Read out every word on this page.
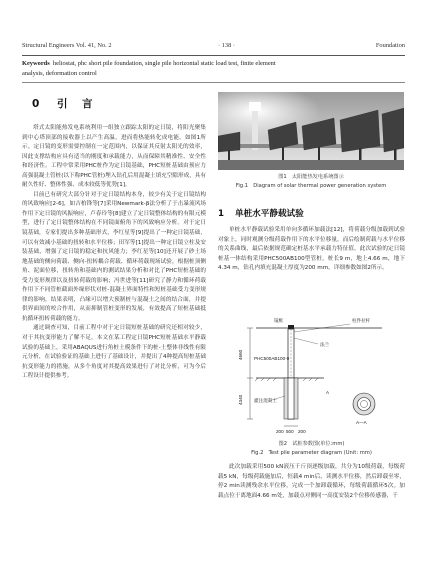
Structural Engineers Vol. 41, No. 2	· 138 ·	Foundation
Keywords heliostat, phc short pile foundation, single pile horizontal static load test, finite element
analysis, deformation control
0 引　言

塔式太阳能热发电系统利用一组独立跟踪太阳的定日镜，将阳光聚集到中心塔顶部的接收器上以产生高温，进而将热能转化成电能，如图1所示。定日镜的变形需要控制在一定范围内，以保证其反射太阳光的效率，因此支撑结构应具有适当的刚度和承载能力，从而保障其精准性、安全性和经济性。工程中常采用PHC桩作为定日镜基础，PHC短桩基础由预应力高强混凝土管桩(以下称PHC管桩)埋入钻孔后用混凝土填充空隙形成，具有耐久性好、整体性强、成本较低等优势[1]。

目前已有研究大部分针对于定日镜结构本身，较少有关于定日镜结构的风致响应[2-6]，如吉柏锋等[7]采用Newmark-β法分析了于击暴流风场作用下定日镜的风振响应，卢春玲等[8]建立了定日镜整体结构的有限元模型，进行了定日镜整体结构在不同镜面俯角下的风致响应分析。对于定日镜基础，专家们提出多种基础形式，李红星等[9]提出了一种定日镜基础，可以有效减小基础的扭转和水平位移；田军等[1]提出一种定日镜立柱及安装基础，增强了定日镜的稳定和抗风能力；李红星等[10]还开展了砂土场地基础的侧向荷载、侧向-扭转耦合荷载、循环荷载现场试验，根据桩顶侧角、泥面位移，扭转角和基础内的测试结果分析和对比了PHC短桩基础的受力变形规律以及扭转荷载的影响；冯世进等[11]研究了静力和循环荷载作用下不同管桩截面外缘形状对桩-混凝土界面特性和短桩基础受力变形规律的影响，结果表明，凸缘可以增大预制桩与混凝土之间的结合面，并提供界面间的咬合作用，从而抑制管桩变形的发展，有效提高了短桩基础抵抗循环扭转荷载的能力。

通过调查可知，目前工程中对于定日镜短桩基础的研究还相对较少，对于其抗变形能力了解不足。本文在某工程定日镜PHC短桩基础水平静载试验的基础上，采用ABAQUS进行角桩土模条件下的桩-土整体非线性有限元分析，在试验验证的基础上进行了基础设计，并提出了4种提高短桩基础抗变形能力的措施，从多个角度对其提高效果进行了对比分析，可为今后工程设计提供参考。

图1　太阳能热发电系统图示
Fig.1　Diagram of solar thermal power generation system
1 单桩水平静载试验

单桩水平静载试验采用单向多循环加载法[12]，将荷载分级加载到试验对象上，同时观测分级荷载作用下的水平位移量，而后绘制荷载与水平位移的关系曲线，最后依据规范确定桩基水平承载力特征值。此次试验的定日镜桩基一体结构采用PHC500AB100型管桩，桩长9 m，地上4.66 m，地下4.34 m，钻孔内填充混凝土厚度为200 mm，详细参数如图2所示。

4660
4340
200 500 200
镜框	柱件拉杆
法兰
PHC500AB100-9
灌注混凝土
A—A
A
图2　试桩参数图(单位:mm)
Fig.2　Test pile parameter diagram (Unit: mm)

此次加载采用500 kN液压千斤顶逐级加载，共分为10级荷载，每级荷载5 kN，每级荷载施加后，恒载4 min后，读测水平位移，然后卸载至零，停2 min读测残余水平位移，完成一个加卸载循环，每级荷载循环5次。加载点位于离地面4.66 m处，加载点对侧同一高度安装2个位移传感器，千
